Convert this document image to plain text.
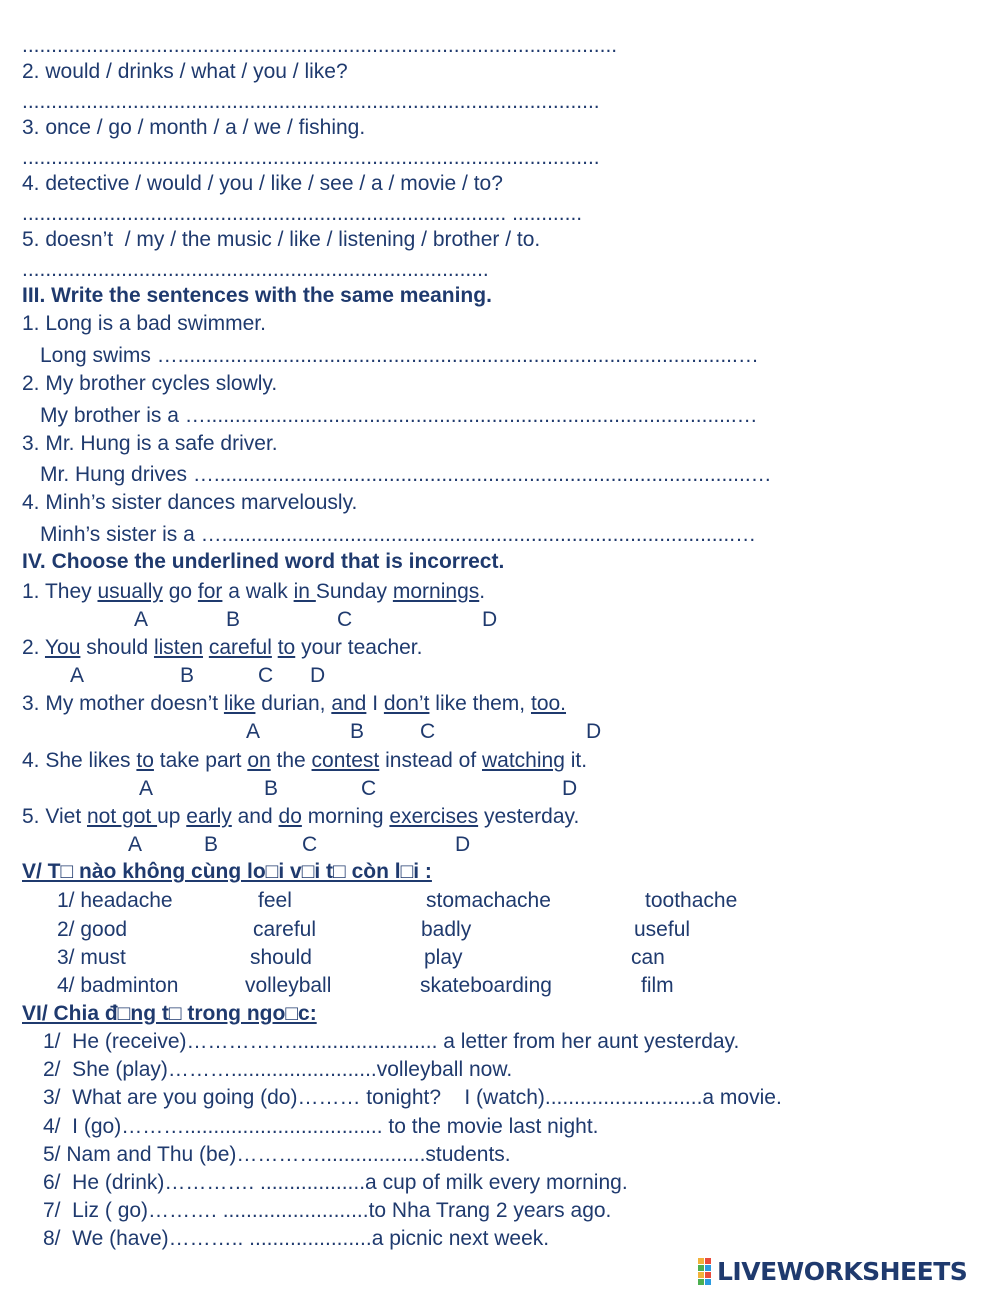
......................................................................................................
2. would / drinks / what / you / like?
...................................................................................................
3. once / go / month / a / we / fishing.
...................................................................................................
4. detective / would / you / like / see / a / movie / to?
................................................................................... ............
5. doesn’t  / my / the music / like / listening / brother / to.
................................................................................
III. Write the sentences with the same meaning.
1. Long is a bad swimmer.
Long swims …................................................................................................…
2. My brother cycles slowly.
My brother is a …...........................................................................................…
3. Mr. Hung is a safe driver.
Mr. Hung drives …............................................................................................…
4. Minh’s sister dances marvelously.
Minh’s sister is a …........................................................................................…
IV. Choose the underlined word that is incorrect.
1. They usually go for a walk in Sunday mornings.
A	B	C	D
2. You should listen careful to your teacher.
A	B	C D
3. My mother doesn’t like durian, and I don’t like them, too.
A	B	C	D
4. She likes to take part on the contest instead of watching it.
A	B	C	D
5. Viet not got up early and do morning exercises yesterday.
A	B	C	D
V/ T□ nào không cùng lo□i v□i t□ còn l□i :
1/ headache	feel	stomachache	toothache
2/ good	careful	badly	useful
3/ must	should	play	can
4/ badminton	volleyball	skateboarding	film
VI/ Chia đ□ng t□ trong ngo□c:
1/  He (receive)……………......................... a letter from her aunt yesterday.
2/  She (play)……….........................volleyball now.
3/  What are you going (do)……… tonight?    I (watch)...........................a movie.
4/  I (go)……….................................. to the movie last night.
5/ Nam and Thu (be)…………..................students.
6/  He (drink)…………. ..................a cup of milk every morning.
7/  Liz ( go)………. .........................to Nha Trang 2 years ago.
8/  We (have)……….. .....................a picnic next week.
LIVEWORKSHEETS
